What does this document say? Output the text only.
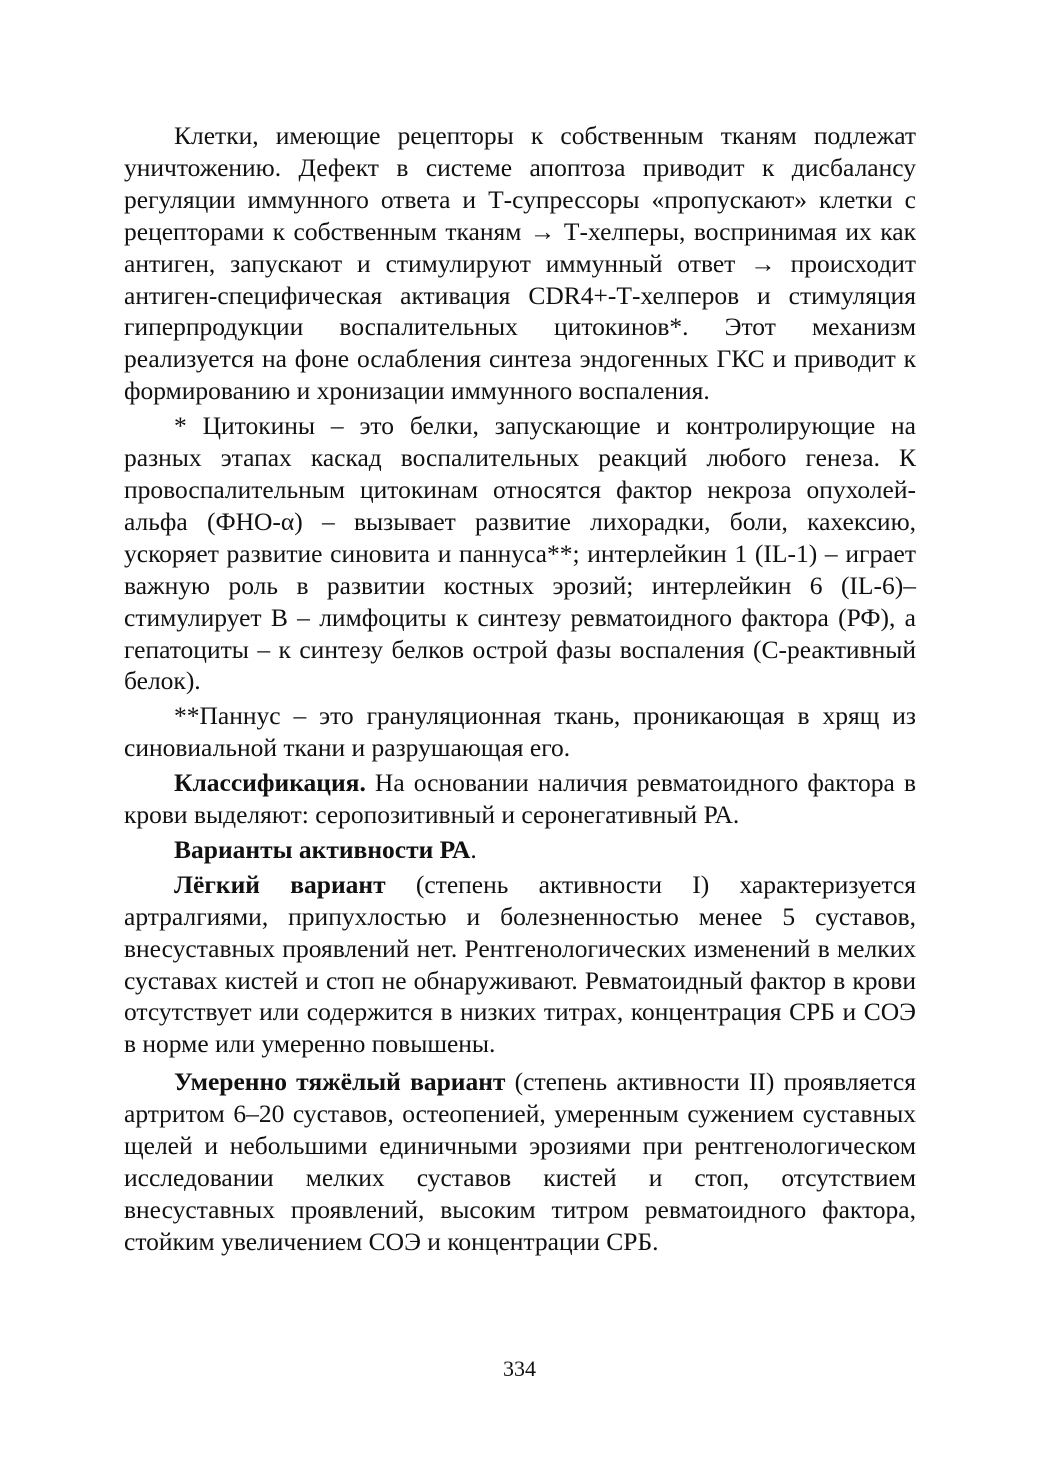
Клетки, имеющие рецепторы к собственным тканям подлежат уничтожению. Дефект в системе апоптоза приводит к дисбалансу регуляции иммунного ответа и Т-супрессоры «пропускают» клетки с рецепторами к собственным тканям → Т-хелперы, воспринимая их как антиген, запускают и стимулируют иммунный ответ → происходит антиген-специфическая активация CDR4+-Т-хелперов и стимуляция гиперпродукции воспалительных цитокинов*. Этот механизм реализуется на фоне ослабления синтеза эндогенных ГКС и приводит к формированию и хронизации иммунного воспаления.

* Цитокины – это белки, запускающие и контролирующие на разных этапах каскад воспалительных реакций любого генеза. К провоспалительным цитокинам относятся фактор некроза опухолей-альфа (ФНО-α) – вызывает развитие лихорадки, боли, кахексию, ускоряет развитие синовита и паннуса**; интерлейкин 1 (IL-1) – играет важную роль в развитии костных эрозий; интерлейкин 6 (IL-6)– стимулирует В – лимфоциты к синтезу ревматоидного фактора (РФ), а гепатоциты – к синтезу белков острой фазы воспаления (С-реактивный белок).

**Паннус – это грануляционная ткань, проникающая в хрящ из синовиальной ткани и разрушающая его.

Классификация. На основании наличия ревматоидного фактора в крови выделяют: серопозитивный и серонегативный РА.

Варианты активности РА.

Лёгкий вариант (степень активности I) характеризуется артралгиями, припухлостью и болезненностью менее 5 суставов, внесуставных проявлений нет. Рентгенологических изменений в мелких суставах кистей и стоп не обнаруживают. Ревматоидный фактор в крови отсутствует или содержится в низких титрах, концентрация СРБ и СОЭ в норме или умеренно повышены.

Умеренно тяжёлый вариант (степень активности II) проявляется артритом 6–20 суставов, остеопенией, умеренным сужением суставных щелей и небольшими единичными эрозиями при рентгенологическом исследовании мелких суставов кистей и стоп, отсутствием внесуставных проявлений, высоким титром ревматоидного фактора, стойким увеличением СОЭ и концентрации СРБ.

334
